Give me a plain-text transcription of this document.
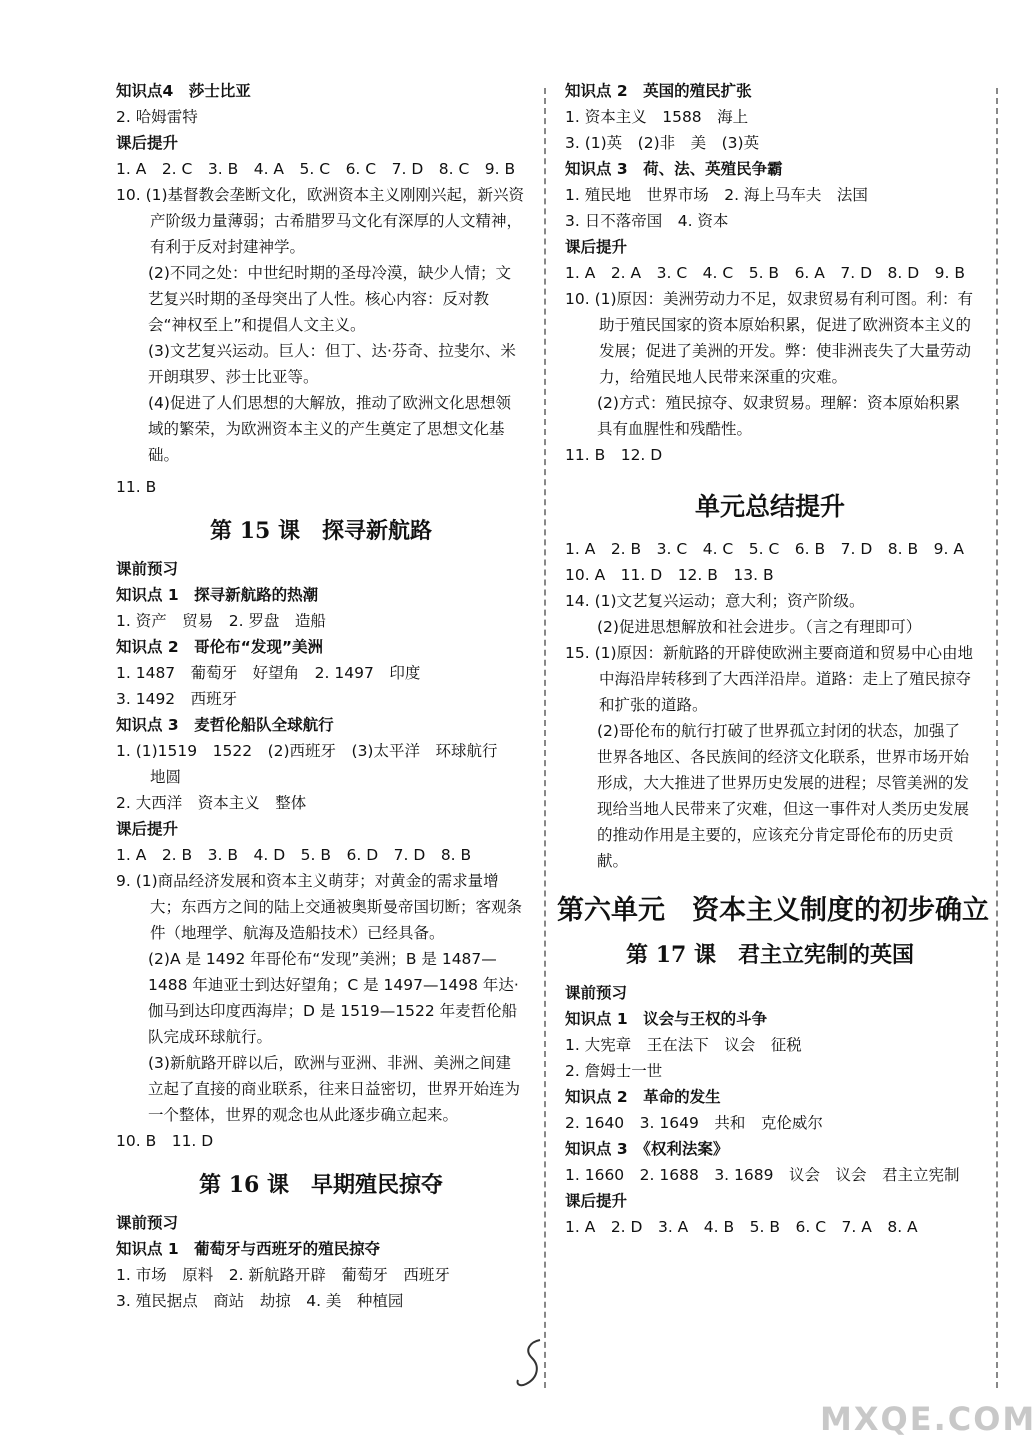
知识点4　莎士比亚
2. 哈姆雷特
课后提升
1. A　2. C　3. B　4. A　5. C　6. C　7. D　8. C　9. B
10. (1)基督教会垄断文化，欧洲资本主义刚刚兴起，新兴资产阶级力量薄弱；古希腊罗马文化有深厚的人文精神，有利于反对封建神学。
(2)不同之处：中世纪时期的圣母冷漠，缺少人情；文艺复兴时期的圣母突出了人性。核心内容：反对教会“神权至上”和提倡人文主义。
(3)文艺复兴运动。巨人：但丁、达·芬奇、拉斐尔、米开朗琪罗、莎士比亚等。
(4)促进了人们思想的大解放，推动了欧洲文化思想领域的繁荣，为欧洲资本主义的产生奠定了思想文化基础。
11. B
第 15 课　探寻新航路
课前预习
知识点 1　探寻新航路的热潮
1. 资产　贸易　2. 罗盘　造船
知识点 2　哥伦布“发现”美洲
1. 1487　葡萄牙　好望角　2. 1497　印度
3. 1492　西班牙
知识点 3　麦哲伦船队全球航行
1. (1)1519　1522　(2)西班牙　(3)太平洋　环球航行　地圆
2. 大西洋　资本主义　整体
课后提升
1. A　2. B　3. B　4. D　5. B　6. D　7. D　8. B
9. (1)商品经济发展和资本主义萌芽；对黄金的需求量增大；东西方之间的陆上交通被奥斯曼帝国切断；客观条件（地理学、航海及造船技术）已经具备。
(2)A 是 1492 年哥伦布“发现”美洲；B 是 1487—1488 年迪亚士到达好望角；C 是 1497—1498 年达·伽马到达印度西海岸；D 是 1519—1522 年麦哲伦船队完成环球航行。
(3)新航路开辟以后，欧洲与亚洲、非洲、美洲之间建立起了直接的商业联系，往来日益密切，世界开始连为一个整体，世界的观念也从此逐步确立起来。
10. B　11. D
第 16 课　早期殖民掠夺
课前预习
知识点 1　葡萄牙与西班牙的殖民掠夺
1. 市场　原料　2. 新航路开辟　葡萄牙　西班牙
3. 殖民据点　商站　劫掠　4. 美　种植园
知识点 2　英国的殖民扩张
1. 资本主义　1588　海上
3. (1)英　(2)非　美　(3)英
知识点 3　荷、法、英殖民争霸
1. 殖民地　世界市场　2. 海上马车夫　法国
3. 日不落帝国　4. 资本
课后提升
1. A　2. A　3. C　4. C　5. B　6. A　7. D　8. D　9. B
10. (1)原因：美洲劳动力不足，奴隶贸易有利可图。利：有助于殖民国家的资本原始积累，促进了欧洲资本主义的发展；促进了美洲的开发。弊：使非洲丧失了大量劳动力，给殖民地人民带来深重的灾难。
(2)方式：殖民掠夺、奴隶贸易。理解：资本原始积累具有血腥性和残酷性。
11. B　12. D
单元总结提升
1. A　2. B　3. C　4. C　5. C　6. B　7. D　8. B　9. A
10. A　11. D　12. B　13. B
14. (1)文艺复兴运动；意大利；资产阶级。
(2)促进思想解放和社会进步。（言之有理即可）
15. (1)原因：新航路的开辟使欧洲主要商道和贸易中心由地中海沿岸转移到了大西洋沿岸。道路：走上了殖民掠夺和扩张的道路。
(2)哥伦布的航行打破了世界孤立封闭的状态，加强了世界各地区、各民族间的经济文化联系，世界市场开始形成，大大推进了世界历史发展的进程；尽管美洲的发现给当地人民带来了灾难，但这一事件对人类历史发展的推动作用是主要的，应该充分肯定哥伦布的历史贡献。
第六单元　资本主义制度的初步确立
第 17 课　君主立宪制的英国
课前预习
知识点 1　议会与王权的斗争
1. 大宪章　王在法下　议会　征税
2. 詹姆士一世
知识点 2　革命的发生
2. 1640　3. 1649　共和　克伦威尔
知识点 3　《权利法案》
1. 1660　2. 1688　3. 1689　议会　议会　君主立宪制
课后提升
1. A　2. D　3. A　4. B　5. B　6. C　7. A　8. A
MXQE.COM
